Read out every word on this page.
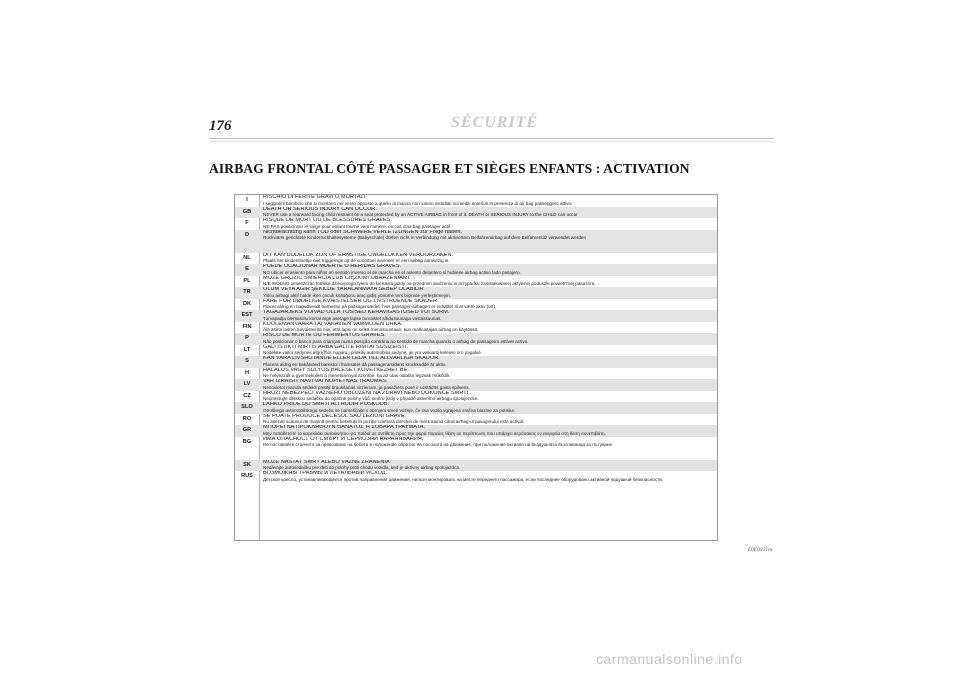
176	SÉCURITÉ
AIRBAG FRONTAL CÔTÉ PASSAGER ET SIÈGES ENFANTS : ACTIVATION
I	RISCHIO DI FERITE GRAVI O MORTALI.
I seggiolini bambino che si montano nel verso opposto a quello di marcia non vanno installati sui sedili anteriori in presenza di air bag passeggero attivo.
GB	DEATH OR SERIOUS INJURY CAN OCCUR.
NEVER use a rearward facing child restraint on a seat protected by an ACTIVE AIRBAG in front of it. DEATH or SERIOUS INJURY to the CHILD can occur
F	RISQUE DE MORT OU DE BLESSURES GRAVES.
NE PAS positionner le siège pour enfant tourné vers l'arrière, en cas d'air bag passager actif.
D	Nichtbeachtung kann TOD oder SCHWERE VERLETZUNGEN zur Folge haben.
Rückwärts gerichtete Kinderrückhaltesysteme (Babyschale) dürfen nicht in Verbindung mit aktiviertem Beifahrerairbag auf dem Beifahrersitz verwendet werden
NL	DIT KAN DODELIJK ZIJN OF ERNSTIGE ONGELUKKEN VEROORZAKEN.
Plaats het kinderstoeltje niet ruggelings op de voorstoel wanneer er een airbag aanwezig is.
E	PUEDE OCACIONAR MUERTE O HERIDAS GRAVES.
NO ubicar el asiento para niños en sentido inverso al de marcha en el asiento delantero si hubiese airbag activo lado pasajero.
PL	MOŻE GROZIĆ ŚMIERCIA LUB CIĘŻKIMI OBRAŻENIAMI.
NIE WOLNO umieszczać fotelika dziecięcego tyłem do kierunku jazdy na przednim siedzeniu w przypadku zainstalowanej aktywnej poduszki powietrznej pasażera.
TR	ÖLÜM VEYA AĞIR ŞEKILDE YARALANMAYA SEBEP OLABILIR
Yolcu airbagi aktif halde iken çocuk koltuğunu araç gidiş yönüme ters biçimde yerleştirmeyin.
DK	FARE FOR DØDELIGE KVÆSTELSER OG LIVSTRUENDE SKADER.
Placer aldrig en bagudvendt barnestol på passagersædet, hvis passager-airbagen er indstillet til at være aktiv (on).
EST	TAGAJÄRJEKS VÕIVAD OLLA TÕSISED KEHAVIGASTUSED VÕI SURM.
Turvapadja olemasolu korral ärge asetage lapse turvaistet sõidusuunaga vastassuunas.
FIN	KUOLEMANVAARA TAI VAKAVIEN VAMMOJEN UHKA.
Älä aseta lasten turvaistuinta niin, että lapsi on selkä menosuuntaan, kun matkustajan airbag on käytössä.
P	RISCO DE MORTE OU FERIMENTOS GRAVES.
Não posicionar o banco para crianças numa posição contrária ao sentido de marcha quando o airbag de passageiro estiver activo.
LT	GALI IŠTIKTI MIRTIS ARBA GALITE RIMTAI SUSIŽEISTI.
Nedėkite vaiko sėdynės atgręžtos nugara į priekinį automobilio sėdynę, jei yra veikiantį keleivio oro pagalvė.
S	KAN VARA LIVSHOTANDE ELLER LEDA TILL ALLVARLIGA SKADOR.
Placera aldrig en bakåtvänd barnstol i framsätet då passagerarsidans krockkudde är aktiv.
H	HALÁLOS VAGY SÚLYOS BALESET KÖVETKEZHET BE.
Ne helyezzük a gyermekülést a menetiránnyal szembe, ha az utas oldalán légzsák működik.
LV	VAR IZRAISĪT NĀVI VAI NOPIETNAS TRAUMAS.
Nenovietot mazuļa sēdekli pretēji braukšanas virzienam, ja pasažiera pusē ir uzstādīts gaisa spilvens.
CZ	HROZÍ NEBEZPEČÍ VÁŽNÉHO ÚBLUŽENÍ NA ZDRAVÍ NEBO DOKONCE SMRTI.
Neumisťujte dětskou sedačku do opačné polohy vůči směru jízdy v případě aktivního airbagu spolujezdce.
SLO	LAHKO PRIDE DO SMRTI ALI HUDIH POŠKODB.
Otroškega avtomobilskega sedeža ne nameščajte v obrnjeni smeri vožnje, če ima vozilo vgrajena zračna blazine za potnike.
RO	SE POATE PRODUCE DECESUL SAU LEZIUNI GRAVE.
Nu așezați scaunul de mașină pentru bebeluși în poziție contrară direcției de mers atunci când airbag-ul pasagerului este activat.
GR	ΜΠΟΡΕΙ ΝΑ ΠΡΟΚΛΗΘΟΥΝ ΘΑΝΑΤΟΣ Ή ΣΟΒΑΡΑ ΤΡΑΥΜΑΤΑ.
Μην τοποθετείτε το καρεκλάκι αυτοκινήτου για παιδιά σε αντίθετη προς την φορά πορείας θέση σε περίπτωση που υπάρχει αερόσακος εν ενεργεία στη θέση συνεπιβάτη.
BG	ИМА ОПАСНОСТ ОТ СМЪРТ И СЕРИОЗНИ НАРАНЯВАНИЯ.
Не поставяйте столчето за превозване на бебета в положение обратно на посоката на движение, при положение активно на въздушната възглавница за пътуване.
SK	MÔŽE NASTAŤ SMRŤ ALEBO VÁŽNE ZRANENIA
Nedávajte autosedačku pre deti do polohy proti chodu vozidla, keď je aktívny airbag spolujazdca.
RUS	ВОЗМОЖНЫ ТРАВМЫ И ЛЕТАЛЬНЫЙ ИСХОД.
Детское кресло, устанавливающееся против направления движения, нельзя монтировать на месте переднего пассажира, если последнее оборудовано активной подушкой безопасности.
L0E0321m
carmanualsonline.info
